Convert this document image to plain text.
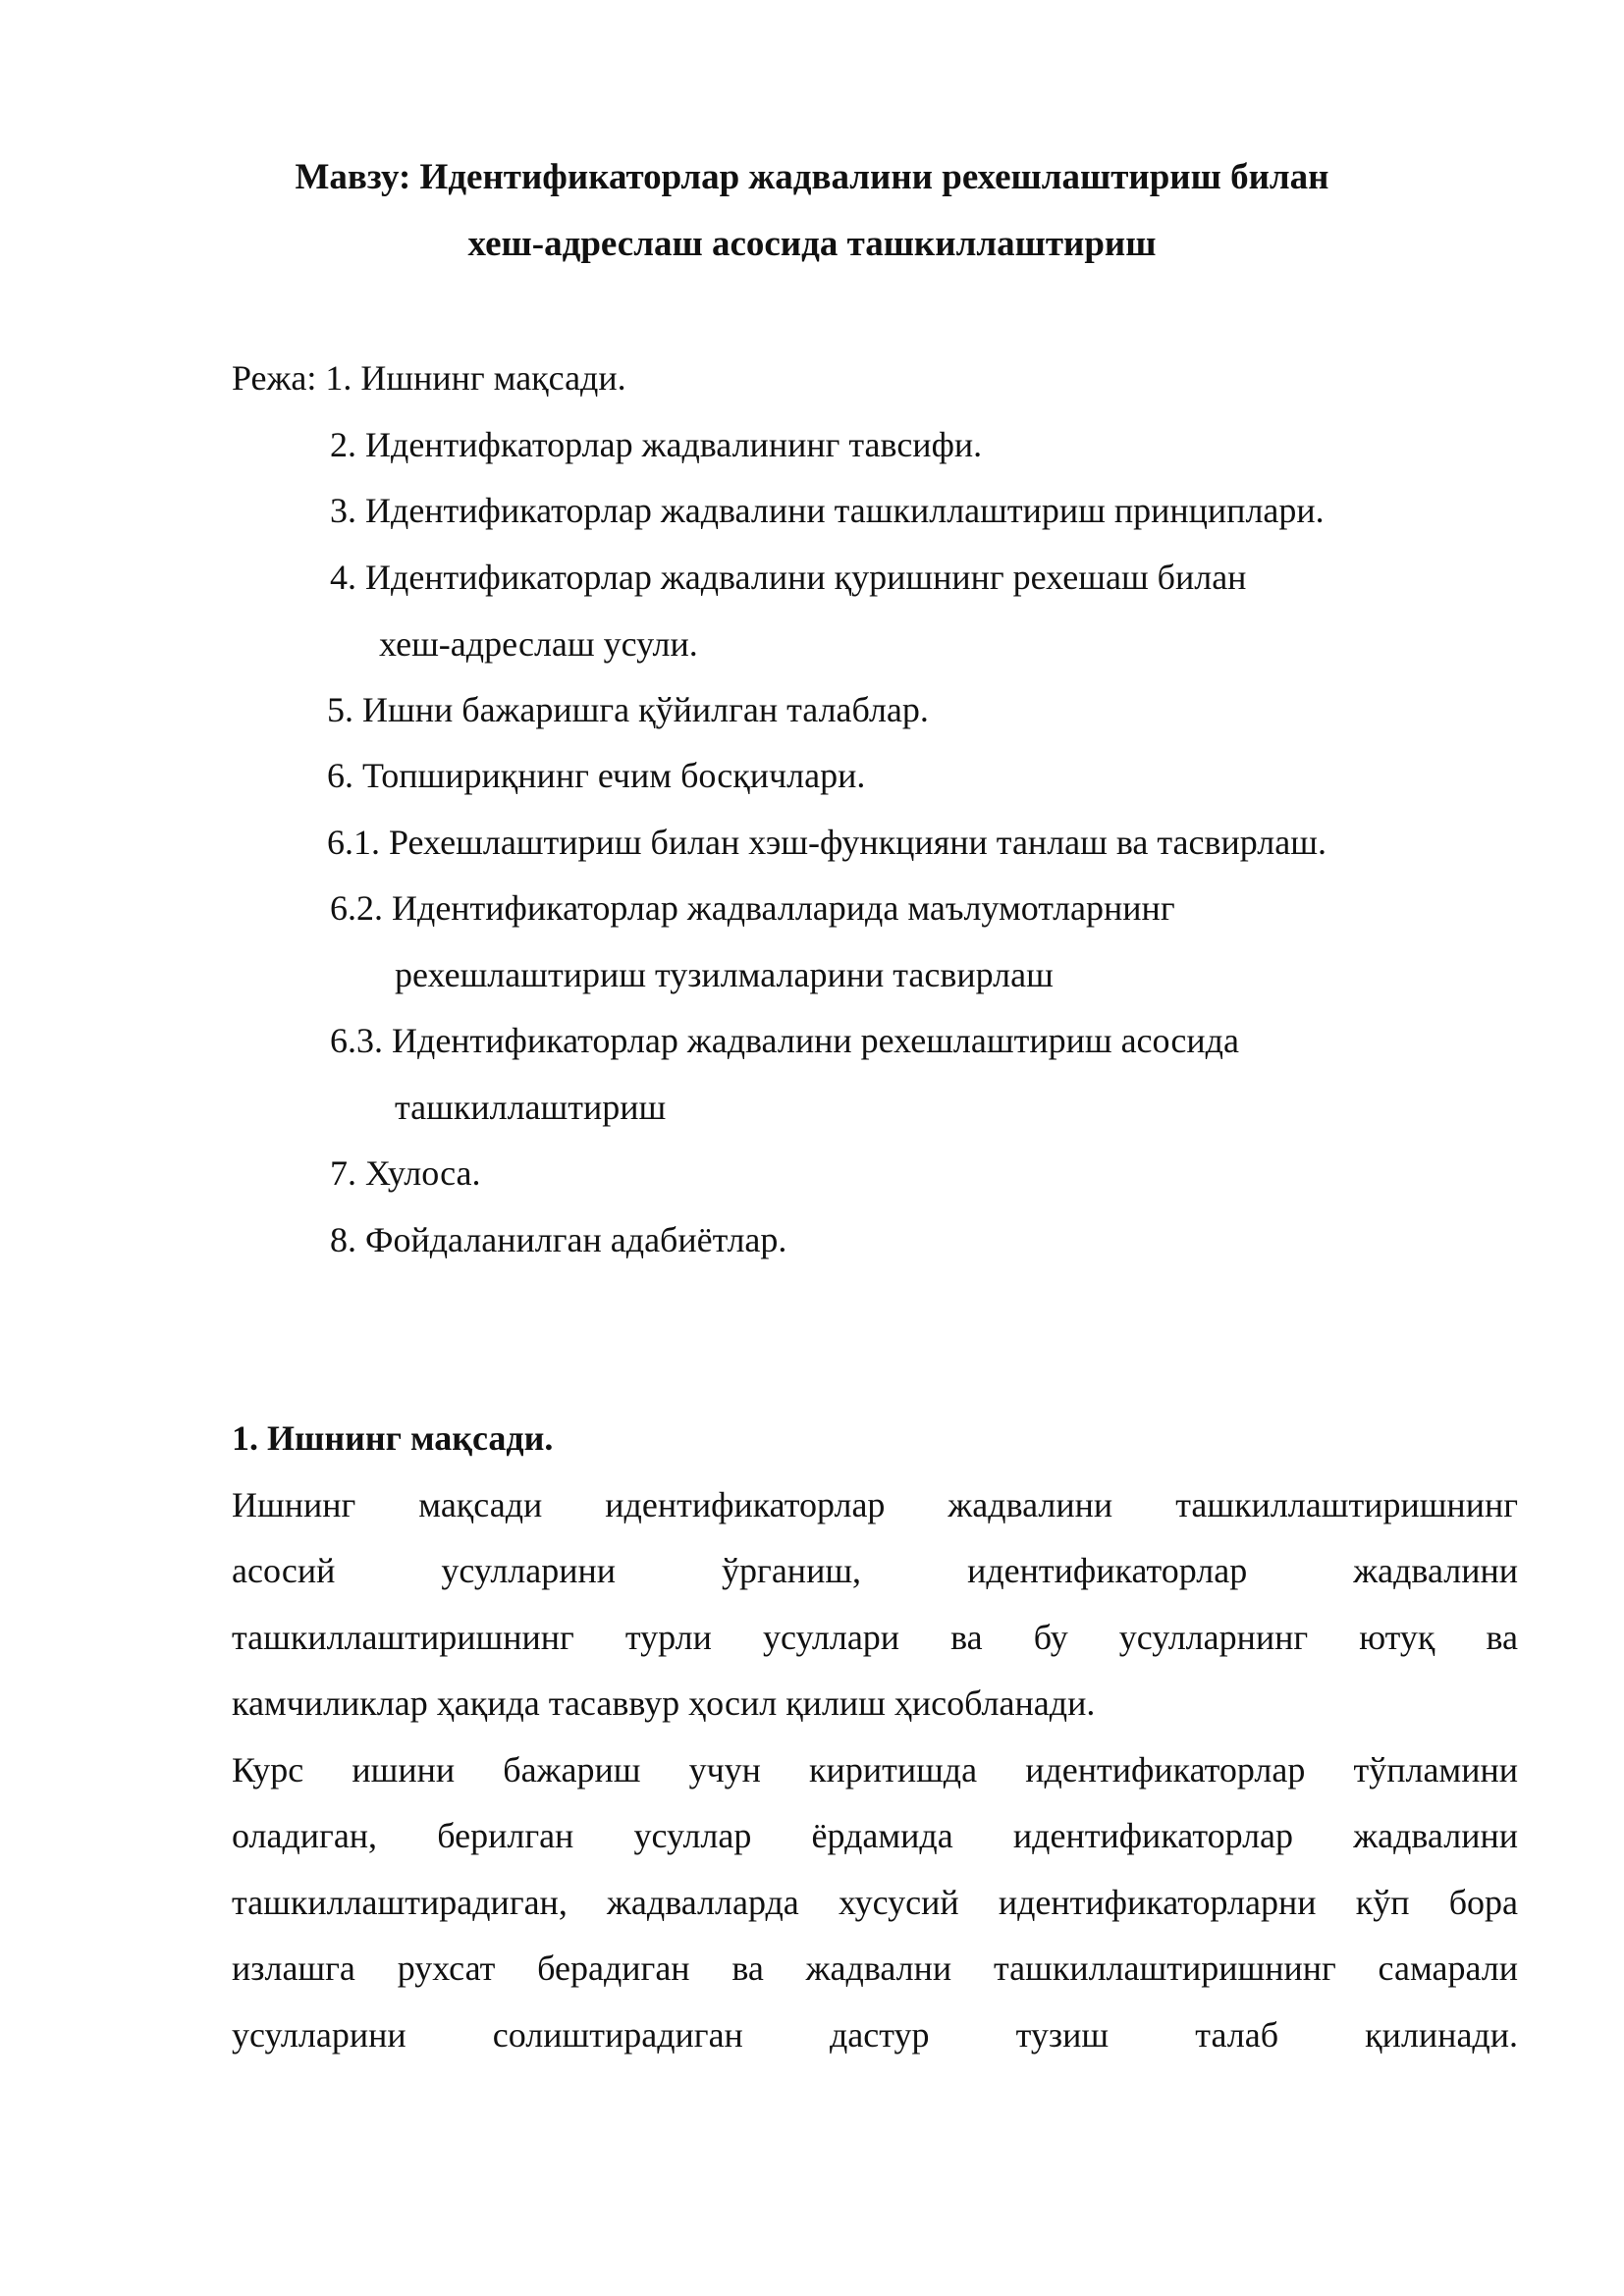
Мавзу: Идентификаторлар жадвалини рехешлаштириш билан
хеш-адреслаш асосида ташкиллаштириш
Режа: 1. Ишнинг мақсади.
2. Идентифкаторлар жадвалининг тавсифи.
3. Идентификаторлар жадвалини ташкиллаштириш принциплари.
4. Идентификаторлар жадвалини қуришнинг рехешаш билан
хеш-адреслаш усули.
5. Ишни бажаришга қўйилган талаблар.
6. Топшириқнинг ечим босқичлари.
6.1. Рехешлаштириш билан хэш-функцияни танлаш ва тасвирлаш.
6.2. Идентификаторлар жадвалларида маълумотларнинг
рехешлаштириш тузилмаларини тасвирлаш
6.3. Идентификаторлар жадвалини рехешлаштириш асосида
ташкиллаштириш
7. Хулоса.
8. Фойдаланилган адабиётлар.
1. Ишнинг мақсади.
Ишнинг мақсади идентификаторлар жадвалини ташкиллаштиришнинг
асосий усулларини ўрганиш, идентификаторлар жадвалини
ташкиллаштиришнинг турли усуллари ва бу усулларнинг ютуқ ва
камчиликлар ҳақида тасаввур ҳосил қилиш ҳисобланади.
Курс ишини бажариш учун киритишда идентификаторлар тўпламини
оладиган, берилган усуллар ёрдамида идентификаторлар жадвалини
ташкиллаштирадиган, жадвалларда хусусий идентификаторларни кўп бора
излашга рухсат берадиган ва жадвални ташкиллаштиришнинг самарали
усулларини солиштирадиган дастур тузиш талаб қилинади.
